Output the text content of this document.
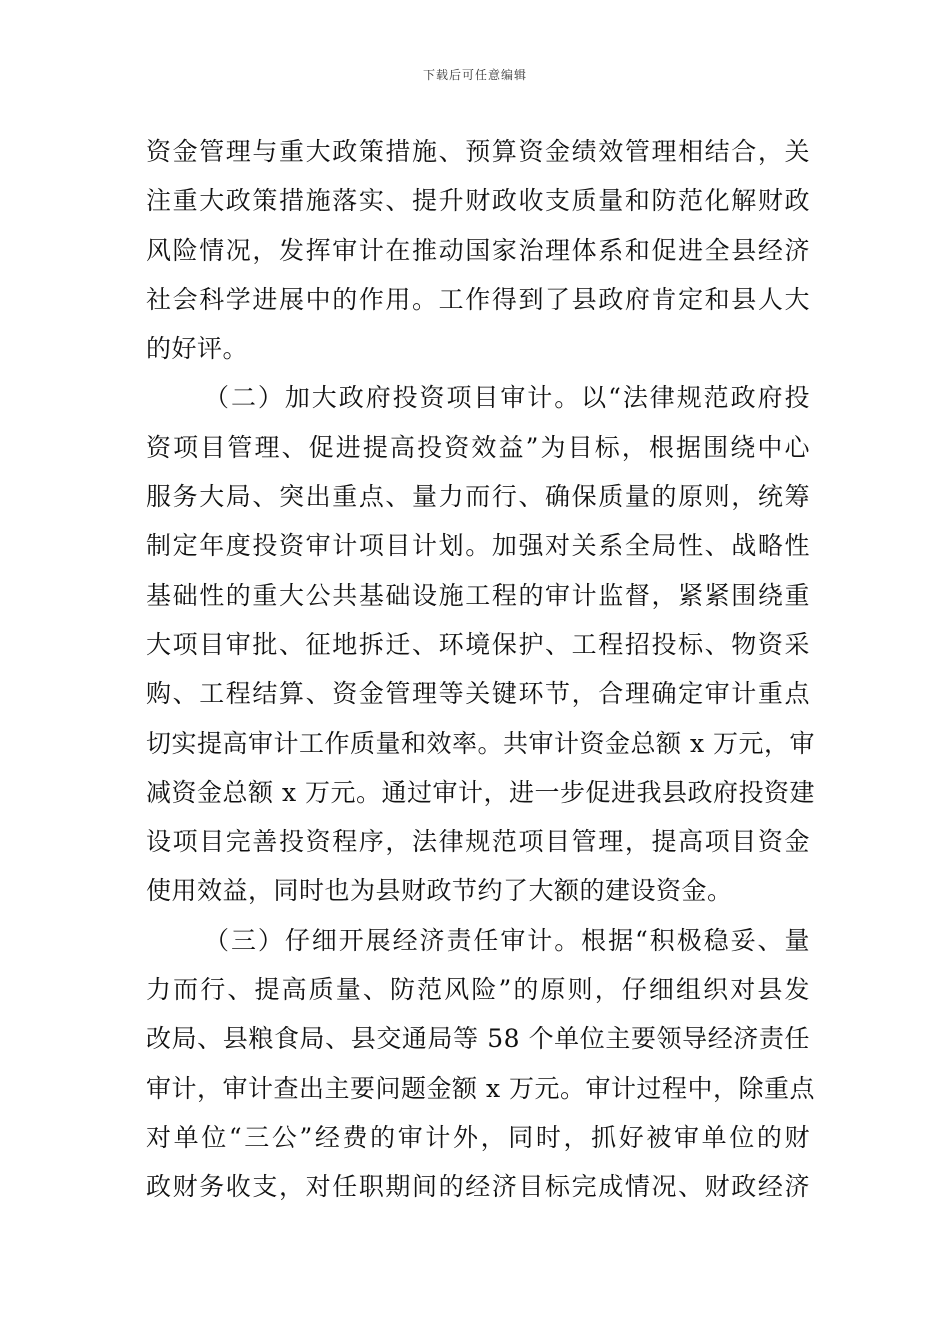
下载后可任意编辑
资金管理与重大政策措施、预算资金绩效管理相结合，关
注重大政策措施落实、提升财政收支质量和防范化解财政
风险情况，发挥审计在推动国家治理体系和促进全县经济
社会科学进展中的作用。工作得到了县政府肯定和县人大
的好评。
（二）加大政府投资项目审计。以“法律规范政府投
资项目管理、促进提高投资效益”为目标，根据围绕中心
服务大局、突出重点、量力而行、确保质量的原则，统筹
制定年度投资审计项目计划。加强对关系全局性、战略性
基础性的重大公共基础设施工程的审计监督，紧紧围绕重
大项目审批、征地拆迁、环境保护、工程招投标、物资采
购、工程结算、资金管理等关键环节，合理确定审计重点
切实提高审计工作质量和效率。共审计资金总额 x 万元，审
减资金总额 x 万元。通过审计，进一步促进我县政府投资建
设项目完善投资程序，法律规范项目管理，提高项目资金
使用效益，同时也为县财政节约了大额的建设资金。
（三）仔细开展经济责任审计。根据“积极稳妥、量
力而行、提高质量、防范风险”的原则，仔细组织对县发
改局、县粮食局、县交通局等 58 个单位主要领导经济责任
审计，审计查出主要问题金额 x 万元。审计过程中，除重点
对单位“三公”经费的审计外，同时，抓好被审单位的财
政财务收支，对任职期间的经济目标完成情况、财政经济
